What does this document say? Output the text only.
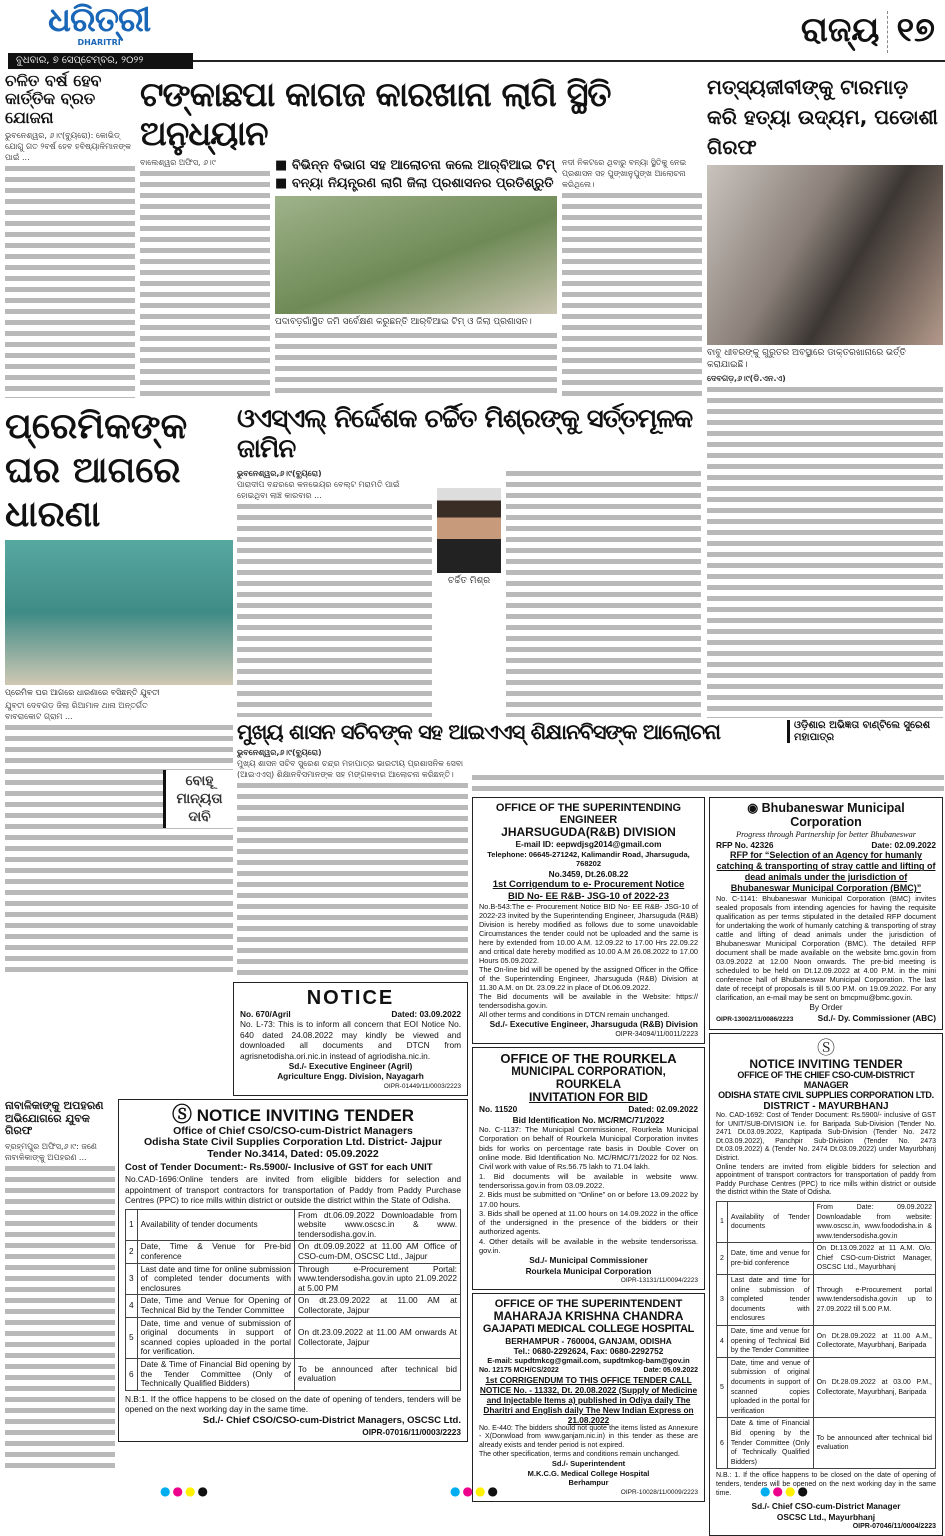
ଧରିତ୍ରୀ
DHARITRI
ବୁଧବାର, ୭ ସେପ୍ଟେମ୍ବର, ୨୦୨୨
ରାଜ୍ୟ ୧୭
ଚଳିତ ବର୍ଷ ହେବ କାର୍ତ୍ତିକ ବ୍ରତ ଯୋଜନା
ଭୁବନେଶ୍ୱର, ୬।୯(ବ୍ୟୁରୋ): କୋଭିଡ୍ ଯୋଗୁ ଗତ ୨ବର୍ଷ ହେବ ହବିଷ୍ୟାଳିମାନଙ୍କ ପାଇଁ ...
ଟଙ୍କାଛପା କାଗଜ କାରଖାନା ଲାଗି ସ୍ଥିତି ଅନୁଧ୍ୟାନ
ବାଲେଶ୍ୱର ଅଫିସ, ୬।୯	■ ବିଭିନ୍ନ ବିଭାଗ ସହ ଆଲୋଚନା କଲେ ଆର୍‌ବିଆଇ ଟିମ୍
■ ବନ୍ୟା ନିୟନ୍ତ୍ରଣ ଲାଗି ଜିଲା ପ୍ରଶାସନର ପ୍ରତିଶ୍ରୁତି
ପଦାବଡ଼ଗାଁସ୍ଥିତ ଜମି ସର୍ବେକ୍ଷଣ କରୁଛନ୍ତି ଆର୍‌ବିଆଇ ଟିମ୍ ଓ ଜିଲା ପ୍ରଶାସନ।
ନଦୀ ନିକଟରେ ଥିବାରୁ ବନ୍ୟା ସ୍ଥିତିକୁ ନେଇ ପ୍ରଶାସନ ସହ ପୁଙ୍ଖାନୁପୁଙ୍ଖ ଆଲୋଚନା କରିଥିଲେ।
ମତ୍ସ୍ୟଜୀବୀଙ୍କୁ ଟାରମାଡ଼ କରି ହତ୍ୟା ଉଦ୍ୟମ, ପଡୋଶୀ ଗିରଫ
ବାବୁ ଧୀବରଙ୍କୁ ଗୁରୁତର ଅବସ୍ଥାରେ ଡାକ୍ତରଖାନାରେ ଭର୍ତ୍ତି କରାଯାଇଛି।
ଦେବଗଡ଼,୬।୯(ଡି.ଏନ.ଏ)
ପ୍ରେମିକଙ୍କ ଘର ଆଗରେ ଧାରଣା
ପ୍ରେମିକ ଘର ଆଗରେ ଧାରଣାରେ ବସିଛନ୍ତି ଯୁବତୀ
ବୋହୂ ମାନ୍ୟତା ଦାବି
ଯୁବତୀ ଦେବଗଡ଼ ଜିଲା ରିଆମାଳ ଥାନା ଅନ୍ତର୍ଗତ ବାବରାକୋଟ ଗ୍ରାମ ...
ଓଏସ୍‌ଏଲ୍ ନିର୍ଦ୍ଦେଶକ ଚର୍ଚ୍ଚିତ ମିଶ୍ରଙ୍କୁ ସର୍ତ୍ତମୂଳକ ଜାମିନ
ଭୁବନେଶ୍ୱର,୬।୯(ବ୍ୟୁରୋ)
ପାରାଦୀପ ବନ୍ଦରରେ କନଭେୟର ବେଲ୍ଟ ମରାମତି ପାଇଁ ହୋଇଥିବା ଲାଞ୍ଚ କାରବାର ...
ଚର୍ଚ୍ଚିତ ମିଶ୍ର
ମୁଖ୍ୟ ଶାସନ ସଚିବଙ୍କ ସହ ଆଇଏଏସ୍ ଶିକ୍ଷାନବିସଙ୍କ ଆଲୋଚନା	ଓଡ଼ିଶାର ଅଭିଜ୍ଞତା ବାଣ୍ଟିଲେ ସୁରେଶ ମହାପାତ୍ର
ଭୁବନେଶ୍ୱର,୬।୯(ବ୍ୟୁରୋ)
ମୁଖ୍ୟ ଶାସନ ସଚିବ ସୁରେଶ ଚନ୍ଦ୍ର ମହାପାତ୍ର ଭାରତୀୟ ପ୍ରଶାସନିକ ସେବା (ଆଇଏଏସ୍) ଶିକ୍ଷାନବିସମାନଙ୍କ ସହ ମଙ୍ଗଳବାର ଆଲୋଚନା କରିଛନ୍ତି।
ନାବାଳିକାଙ୍କୁ ଅପହରଣ ଅଭିଯୋଗରେ ଯୁବକ ଗିରଫ
ବ୍ରହ୍ମପୁର ଅଫିସ,୬।୯: ଜଣେ ନାବାଳିକାଙ୍କୁ ଅପହରଣ ...
OFFICE OF THE SUPERINTENDING ENGINEER
JHARSUGUDA(R&B) DIVISION
E-mail ID: eepwdjsg2014@gmail.com
Telephone: 06645-271242, Kalimandir Road, Jharsuguda, 768202
No.3459, Dt.26.08.22
1st Corrigendum to e- Procurement Notice
BID No- EE R&B- JSG-10 of 2022-23
No.B-543:The e- Procurement Notice BID No- EE R&B- JSG-10 of 2022-23 invited by the Superintending Engineer, Jharsuguda (R&B) Division is hereby modified as follows due to some unavoidable Circumstances the tender could not be uploaded and the same is here by extended from 10.00 A.M. 12.09.22 to 17.00 Hrs 22.09.22 and critical date hereby modified as 10.00 A.M 26.08.2022 to 17.00 Hours 05.09.2022.
The On-line bid will be opened by the assigned Officer in the Office of the Superintending Engineer, Jharsuguda (R&B) Division at 11.30 A.M. on Dt. 23.09.22 in place of Dt.06.09.2022.
The Bid documents will be available in the Website: https:// tendersodisha.gov.in.
All other terms and conditions in DTCN remain unchanged.
Sd./- Executive Engineer, Jharsuguda (R&B) Division
OIPR-34094/11/0011/2223
OFFICE OF THE ROURKELA
MUNICIPAL CORPORATION, ROURKELA
INVITATION FOR BID
No. 11520	Dated: 02.09.2022
Bid Identification No. MC/RMC/71/2022
No. C-1137: The Municipal Commissioner, Rourkela Municipal Corporation on behalf of Rourkela Municipal Corporation invites bids for works on percentage rate basis in Double Cover on online mode. Bid Identification No. MC/RMC/71/2022 for 02 Nos. Civil work with value of Rs.56.75 lakh to 71.04 lakh.
1. Bid documents will be available in website www. tendersorissa.gov.in from 03.09.2022.
2. Bids must be submitted on “Online” on or before 13.09.2022 by 17.00 hours.
3. Bids shall be opened at 11.00 hours on 14.09.2022 in the office of the undersigned in the presence of the bidders or their authorized agents.
4. Other details will be available in the website tendersorissa. gov.in.
Sd./- Municipal Commissioner
Rourkela Municipal Corporation
OIPR-13131/11/0094/2223
OFFICE OF THE SUPERINTENDENT
MAHARAJA KRISHNA CHANDRA
GAJAPATI MEDICAL COLLEGE HOSPITAL
BERHAMPUR - 760004, GANJAM, ODISHA
Tel.: 0680-2292624, Fax: 0680-2292752
E-mail: supdtmkcg@gmail.com, supdtmkcg-bam@gov.in
No. 12175 MCH/CS/2022	Date: 05.09.2022
1st CORRIGENDUM TO THIS OFFICE TENDER CALL NOTICE No. - 11332, Dt. 20.08.2022 (Supply of Medicine and Injectable Items a) published in Odiya daily The Dharitri and English daily The New Indian Express on 21.08.2022
No. E-440: The bidders should not quote the items listed as Annexure - X(Donwload from www.ganjam.nic.in) in this tender as these are already exists and tender period is not expired.
The other specification, terms and conditions remain unchanged.
Sd./- Superintendent
M.K.C.G. Medical College Hospital
Berhampur
OIPR-10028/11/0009/2223
◉ Bhubaneswar Municipal Corporation
Progress through Partnership for better Bhubaneswar
RFP No. 42326	Date: 02.09.2022
RFP for “Selection of an Agency for humanly catching & transporting of stray cattle and lifting of dead animals under the jurisdiction of Bhubaneswar Municipal Corporation (BMC)”
No. C-1141: Bhubaneswar Municipal Corporation (BMC) invites sealed proposals from intending agencies for having the requisite qualification as per terms stipulated in the detailed RFP document for undertaking the work of humanly catching & transporting of stray cattle and lifting of dead animals under the jurisdiction of Bhubaneswar Municipal Corporation (BMC). The detailed RFP document shall be made available on the website bmc.gov.in from 03.09.2022 at 12.00 Noon onwards. The pre-bid meeting is scheduled to be held on Dt.12.09.2022 at 4.00 P.M. in the mini conference hall of Bhubaneswar Municipal Corporation. The last date of receipt of proposals is till 5.00 P.M. on 19.09.2022. For any clarification, an e-mail may be sent on bmcpmu@bmc.gov.in.
By Order
OIPR-13002/11/0086/2223	Sd./- Dy. Commissioner (ABC)
Ⓢ
NOTICE INVITING TENDER
OFFICE OF THE CHIEF CSO-CUM-DISTRICT MANAGER
ODISHA STATE CIVIL SUPPLIES CORPORATION LTD.
DISTRICT - MAYURBHANJ
No. CAD-1692: Cost of Tender Document: Rs.5900/- inclusive of GST for UNIT/SUB-DIVISION i.e. for Baripada Sub-Division (Tender No. 2471 Dt.03.09.2022, Kaptipada Sub-Division (Tender No. 2472 Dt.03.09.2022), Panchpir Sub-Division (Tender No. 2473 Dt.03.09.2022) & (Tender No. 2474 Dt.03.09.2022) under Mayurbhanj District.
Online tenders are invited from eligible bidders for selection and appointment of transport contractors for transportation of paddy from Paddy Purchase Centres (PPC) to rice mills within district or outside the district within the State of Odisha.
1	Availability of Tender documents	From Date: 09.09.2022 Downloadable from website: www.oscsc.in, www.foododisha.in & www.tendersodisha.gov.in
2	Date, time and venue for pre-bid conference	On Dt.13.09.2022 at 11 A.M. O/o. Chief CSO-cum-District Manager, OSCSC Ltd., Mayurbhanj
3	Last date and time for online submission of completed tender documents with enclosures	Through e-Procurement portal www.tendersodisha.gov.in up to 27.09.2022 till 5.00 P.M.
4	Date, time and venue for opening of Technical Bid by the Tender Committee	On Dt.28.09.2022 at 11.00 A.M., Collectorate, Mayurbhanj, Baripada
5	Date, time and venue of submission of original documents in support of scanned copies uploaded in the portal for verification	On Dt.28.09.2022 at 03.00 P.M., Collectorate, Mayurbhanj, Baripada
6	Date & time of Financial Bid opening by the Tender Committee (Only of Technically Qualified Bidders)	To be announced after technical bid evaluation
N.B.: 1. If the office happens to be closed on the date of opening of tenders, tenders will be opened on the next working day in the same time.
Sd./- Chief CSO-cum-District Manager
OSCSC Ltd., Mayurbhanj
OIPR-07046/11/0004/2223
NOTICE
No. 670/Agril	Dated: 03.09.2022
No. L-73: This is to inform all concern that EOI Notice No. 640 dated 24.08.2022 may kindly be viewed and downloaded all documents and DTCN from agrisnetodisha.ori.nic.in instead of agriodisha.nic.in.
Sd./- Executive Engineer (Agril)
Agriculture Engg. Division, Nayagarh
OIPR-01449/11/0003/2223
Ⓢ NOTICE INVITING TENDER
Office of Chief CSO/CSO-cum-District Managers
Odisha State Civil Supplies Corporation Ltd. District- Jajpur
Tender No.3414, Dated: 05.09.2022
Cost of Tender Document:- Rs.5900/- Inclusive of GST for each UNIT
No.CAD-1696:Online tenders are invited from eligible bidders for selection and appointment of transport contractors for transportation of Paddy from Paddy Purchase Centres (PPC) to rice mills within district or outside the district within the State of Odisha.
1	Availability of tender documents	From dt.06.09.2022 Downloadable from website www.oscsc.in & www. tendersodisha.gov.in.
2	Date, Time & Venue for Pre-bid conference	On dt.09.09.2022 at 11.00 AM Office of CSO-cum-DM, OSCSC Ltd., Jajpur
3	Last date and time for online submission of completed tender documents with enclosures	Through e-Procurement Portal: www.tendersodisha.gov.in upto 21.09.2022 at 5.00 PM
4	Date, Time and Venue for Opening of Technical Bid by the Tender Committee	On dt.23.09.2022 at 11.00 AM at Collectorate, Jajpur
5	Date, time and venue of submission of original documents in support of scanned copies uploaded in the portal for verification.	On dt.23.09.2022 at 11.00 AM onwards At Collectorate, Jajpur
6	Date & Time of Financial Bid opening by the Tender Committee (Only of Technically Qualified Bidders)	To be announced after technical bid evaluation
N.B:1. If the office happens to be closed on the date of opening of tenders, tenders will be opened on the next working day in the same time.
Sd./- Chief CSO/CSO-cum-District Managers, OSCSC Ltd.
OIPR-07016/11/0003/2223
●●●●	●●●●	●●●●
